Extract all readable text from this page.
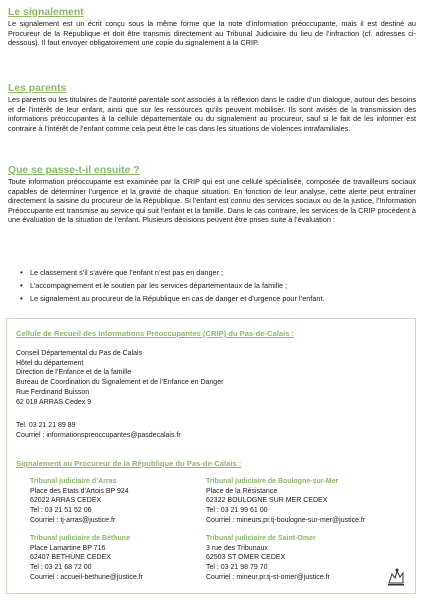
Le signalement

Le signalement est un écrit conçu sous la même forme que la note d’information préoccupante, mais il est destiné au Procureur de la République et doit être transmis directement au Tribunal Judiciaire du lieu de l’infraction (cf. adresses ci-dessous). Il faut envoyer obligatoirement une copie du signalement à la CRIP.

Les parents

Les parents ou les titulaires de l’autorité parentale sont associés à la réflexion dans le cadre d’un dialogue, autour des besoins et de l’intérêt de leur enfant, ainsi que sur les ressources qu’ils peuvent mobiliser. Ils sont avisés de la transmission des informations préoccupantes à la cellule départementale ou du signalement au procureur, sauf si le fait de les informer est contraire à l’intérêt de l’enfant comme cela peut être le cas dans les situations de violences intrafamiliales.

Que se passe-t-il ensuite ?

Toute information préoccupante est examinée par la CRIP qui est une cellule spécialisée, composée de travailleurs sociaux capables de déterminer l’urgence et la gravité de chaque situation. En fonction de leur analyse, cette alerte peut entraîner directement la saisine du procureur de la République. Si l’enfant est connu des services sociaux ou de la justice, l’Information Préoccupante est transmise au service qui suit l’enfant et la famille. Dans le cas contraire, les services de la CRIP procèdent à une évaluation de la situation de l’enfant. Plusieurs décisions peuvent être prises suite à l’évaluation :

• Le classement s’il s’avère que l’enfant n’est pas en danger ;
• L’accompagnement et le soutien par les services départementaux de la famille ;
• Le signalement au procureur de la République en cas de danger et d’urgence pour l’enfant.
Cellule de Recueil des Informations Préoccupantes (CRIP) du Pas-de-Calais :
Conseil Départemental du Pas de Calais
Hôtel du département
Direction de l’Enfance et de la famille
Bureau de Coordination du Signalement et de l’Enfance en Danger
Rue Ferdinand Buisson
62 018 ARRAS Cedex 9
Tel. 03 21 21 89 89
Courriel : informationspreoccupantes@pasdecalais.fr
Signalement au Procureur de la République du Pas-de-Calais :
Tribunal judiciaire d’Arras
Place des Etats d’Artois BP 924
62022 ARRAS CEDEX
Tel : 03 21 51 52 06
Courriel : tj-arras@justice.fr
Tribunal judiciaire de Boulogne-sur-Mer
Place de la Résistance
62322 BOULOGNE SUR MER CEDEX
Tel : 03 21 99 61 00
Courriel : mineurs.pr.tj-boulogne-sur-mer@justice.fr
Tribunal judiciaire de Béthune
Place Lamartine BP 716
62407 BETHUNE CEDEX
Tel : 03 21 68 72 00
Courriel : accueil-bethune@justice.fr
Tribunal judiciaire de Saint-Omer
3 rue des Tribunaux
62503 ST OMER CEDEX
Tel : 03 21 98 79 70
Courriel : mineur.pr.tj-st-omer@justice.fr
